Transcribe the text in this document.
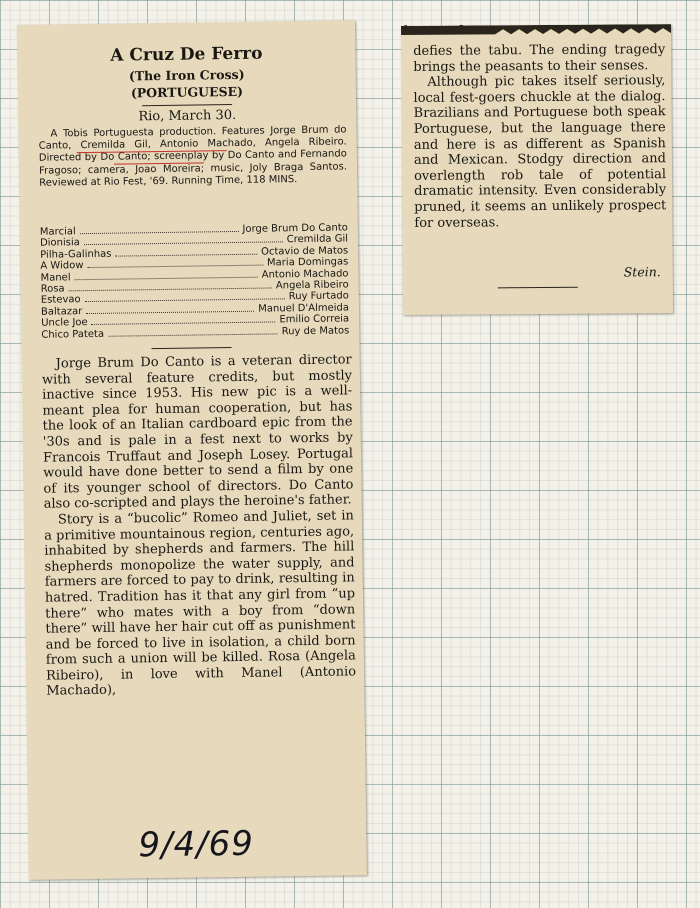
A Cruz De Ferro
(The Iron Cross)
(PORTUGUESE)
Rio, March 30.

A Tobis Portuguesta production. Features Jorge Brum do Canto, Cremilda Gil, Antonio Machado, Angela Ribeiro. Directed by Do Canto; screenplay by Do Canto and Fernando Fragoso; camera, Joao Moreira; music, Joly Braga Santos. Reviewed at Rio Fest, '69. Running Time, 118 MINS.

Marcial	Jorge Brum Do Canto
Dionisia	Cremilda Gil
Pilha-Galinhas	Octavio de Matos
A Widow	Maria Domingas
Manel	Antonio Machado
Rosa	Angela Ribeiro
Estevao	Ruy Furtado
Baltazar	Manuel D'Almeida
Uncle Joe	Emilio Correia
Chico Pateta	Ruy de Matos

Jorge Brum Do Canto is a veteran director with several feature credits, but mostly inactive since 1953. His new pic is a well-meant plea for human cooperation, but has the look of an Italian cardboard epic from the '30s and is pale in a fest next to works by Francois Truffaut and Joseph Losey. Portugal would have done better to send a film by one of its younger school of directors. Do Canto also co-scripted and plays the heroine's father.

Story is a “bucolic” Romeo and Juliet, set in a primitive mountainous region, centuries ago, inhabited by shepherds and farmers. The hill shepherds monopolize the water supply, and farmers are forced to pay to drink, resulting in hatred. Tradition has it that any girl from “up there” who mates with a boy from “down there” will have her hair cut off as punishment and be forced to live in isolation, a child born from such a union will be killed. Rosa (Angela Ribeiro), in love with Manel (Antonio Machado),

9/4/69
from page 8

defies the tabu. The ending tragedy brings the peasants to their senses.

Although pic takes itself seriously, local fest-goers chuckle at the dialog. Brazilians and Portuguese both speak Portuguese, but the language there and here is as different as Spanish and Mexican. Stodgy direction and overlength rob tale of potential dramatic intensity. Even considerably pruned, it seems an unlikely prospect for overseas.

Stein.
